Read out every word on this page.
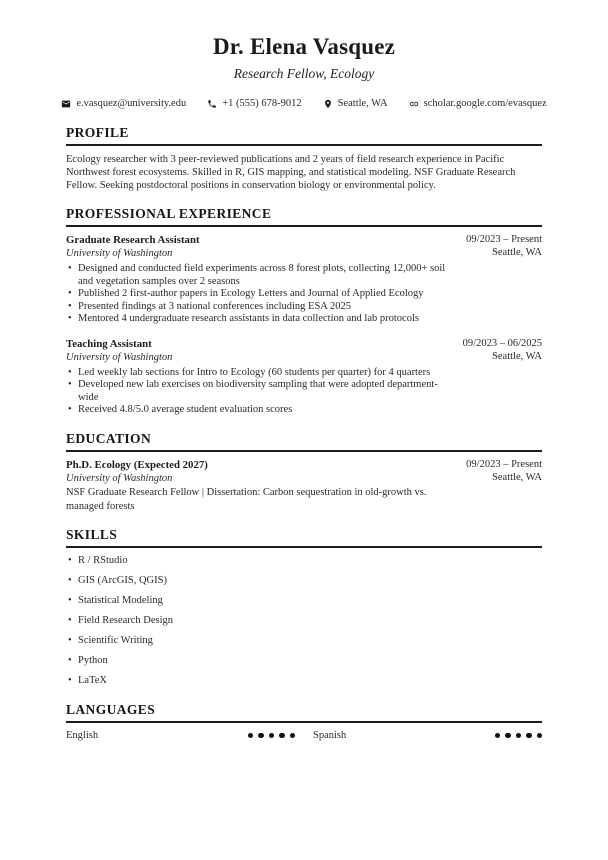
Dr. Elena Vasquez
Research Fellow, Ecology
e.vasquez@university.edu	+1 (555) 678-9012	Seattle, WA	scholar.google.com/evasquez
PROFILE

Ecology researcher with 3 peer-reviewed publications and 2 years of field research experience in Pacific Northwest forest ecosystems. Skilled in R, GIS mapping, and statistical modeling. NSF Graduate Research Fellow. Seeking postdoctoral positions in conservation biology or environmental policy.

PROFESSIONAL EXPERIENCE
Graduate Research Assistant
University of Washington
09/2023 – Present
Seattle, WA
• Designed and conducted field experiments across 8 forest plots, collecting 12,000+ soil and vegetation samples over 2 seasons
• Published 2 first-author papers in Ecology Letters and Journal of Applied Ecology
• Presented findings at 3 national conferences including ESA 2025
• Mentored 4 undergraduate research assistants in data collection and lab protocols
Teaching Assistant
University of Washington
09/2023 – 06/2025
Seattle, WA
• Led weekly lab sections for Intro to Ecology (60 students per quarter) for 4 quarters
• Developed new lab exercises on biodiversity sampling that were adopted department-wide
• Received 4.8/5.0 average student evaluation scores
EDUCATION
Ph.D. Ecology (Expected 2027)
University of Washington
NSF Graduate Research Fellow | Dissertation: Carbon sequestration in old-growth vs. managed forests
09/2023 – Present
Seattle, WA
SKILLS
• R / RStudio
• GIS (ArcGIS, QGIS)
• Statistical Modeling
• Field Research Design
• Scientific Writing
• Python
• LaTeX
LANGUAGES
English	Spanish
